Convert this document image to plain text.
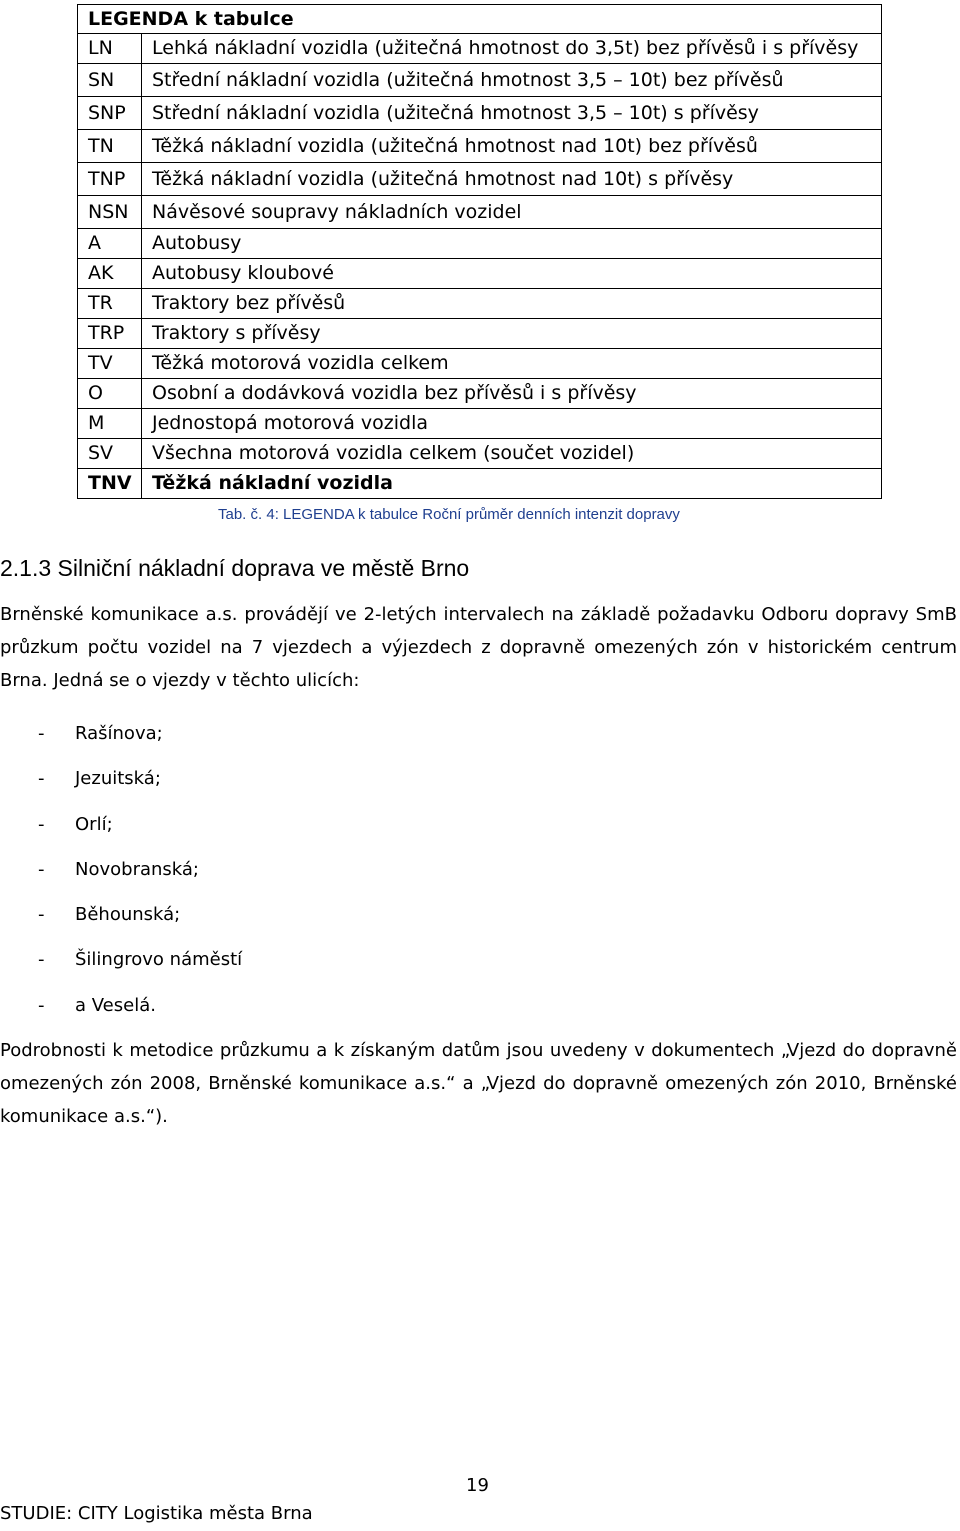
LEGENDA k tabulce	
LN	Lehká nákladní vozidla (užitečná hmotnost do 3,5t) bez přívěsů i s přívěsy
SN	Střední nákladní vozidla (užitečná hmotnost 3,5 – 10t) bez přívěsů
SNP	Střední nákladní vozidla (užitečná hmotnost 3,5 – 10t) s přívěsy
TN	Těžká nákladní vozidla (užitečná hmotnost nad 10t) bez přívěsů
TNP	Těžká nákladní vozidla (užitečná hmotnost nad 10t) s přívěsy
NSN	Návěsové soupravy nákladních vozidel
A	Autobusy
AK	Autobusy kloubové
TR	Traktory bez přívěsů
TRP	Traktory s přívěsy
TV	Těžká motorová vozidla celkem
O	Osobní a dodávková vozidla bez přívěsů i s přívěsy
M	Jednostopá motorová vozidla
SV	Všechna motorová vozidla celkem (součet vozidel)
TNV	Těžká nákladní vozidla
Tab. č. 4: LEGENDA k tabulce Roční průměr denních intenzit dopravy
2.1.3 Silniční nákladní doprava ve městě Brno

Brněnské komunikace a.s. provádějí ve 2-letých intervalech na základě požadavku Odboru dopravy SmB průzkum počtu vozidel na 7 vjezdech a výjezdech z dopravně omezených zón v historickém centrum Brna. Jedná se o vjezdy v těchto ulicích:

- Rašínova;
- Jezuitská;
- Orlí;
- Novobranská;
- Běhounská;
- Šilingrovo náměstí
- a Veselá.

Podrobnosti k metodice průzkumu a k získaným datům jsou uvedeny v dokumentech „Vjezd do dopravně omezených zón 2008, Brněnské komunikace a.s.“ a „Vjezd do dopravně omezených zón 2010, Brněnské komunikace a.s.“).

19
STUDIE: CITY Logistika města Brna
